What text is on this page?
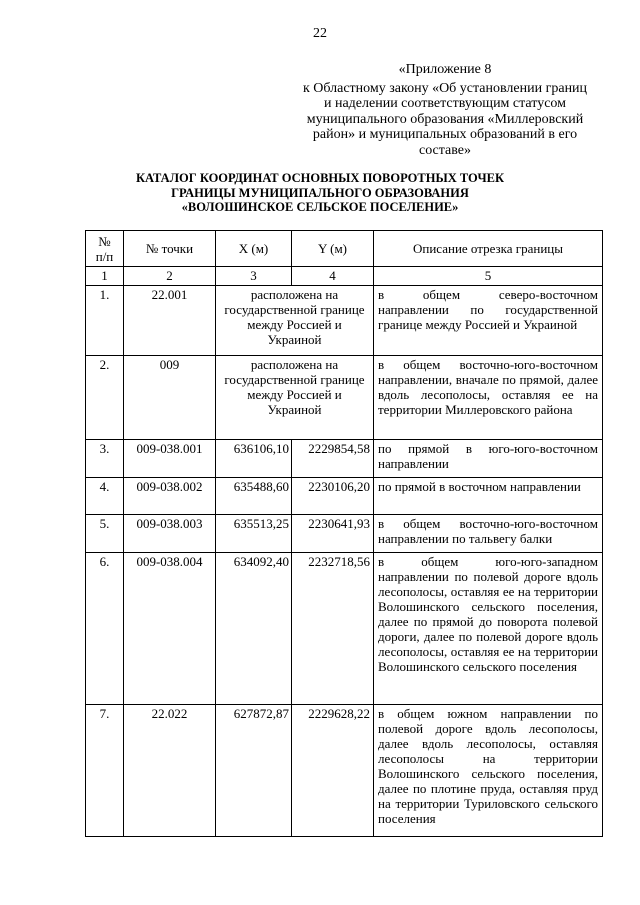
22
«Приложение 8
к Областному закону «Об установлении границ и наделении соответствующим статусом муниципального образования «Миллеровский район» и муниципальных образований в его составе»
КАТАЛОГ КООРДИНАТ ОСНОВНЫХ ПОВОРОТНЫХ ТОЧЕК
ГРАНИЦЫ МУНИЦИПАЛЬНОГО ОБРАЗОВАНИЯ
«ВОЛОШИНСКОЕ СЕЛЬСКОЕ ПОСЕЛЕНИЕ»
№
п/п	№ точки	X (м)	Y (м)	Описание отрезка границы
1	2	3	4	5
1.	22.001	расположена на государственной границе между Россией и Украиной		в общем северо-восточном направлении по государственной границе между Россией и Украиной
2.	009	расположена на государственной границе между Россией и Украиной		в общем восточно-юго-восточном направлении, вначале по прямой, далее вдоль лесополосы, оставляя ее на территории Миллеровского района
3.	009-038.001	636106,10	2229854,58	по прямой в юго-юго-восточном направлении
4.	009-038.002	635488,60	2230106,20	по прямой в восточном направлении
5.	009-038.003	635513,25	2230641,93	в общем восточно-юго-восточном направлении по тальвегу балки
6.	009-038.004	634092,40	2232718,56	в общем юго-юго-западном направлении по полевой дороге вдоль лесополосы, оставляя ее на территории Волошинского сельского поселения, далее по прямой до поворота полевой дороги, далее по полевой дороге вдоль лесополосы, оставляя ее на территории Волошинского сельского поселения
7.	22.022	627872,87	2229628,22	в общем южном направлении по полевой дороге вдоль лесополосы, далее вдоль лесополосы, оставляя лесополосы на территории Волошинского сельского поселения, далее по плотине пруда, оставляя пруд на территории Туриловского сельского поселения
